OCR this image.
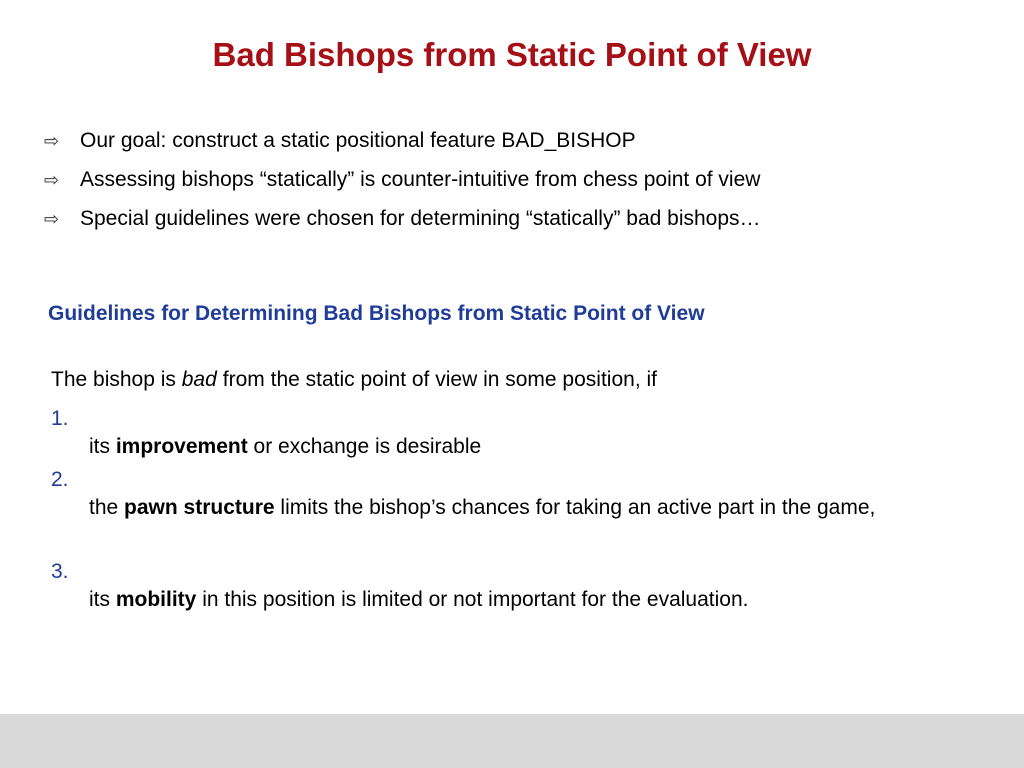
Bad Bishops from Static Point of View
⇨ Our goal: construct a static positional feature BAD_BISHOP
⇨ Assessing bishops “statically” is counter-intuitive from chess point of view
⇨ Special guidelines were chosen for determining “statically” bad bishops…
Guidelines for Determining Bad Bishops from Static Point of View
The bishop is bad from the static point of view in some position, if
1.
its improvement or exchange is desirable
2.
the pawn structure limits the bishop’s chances for taking an active part in the game,
3.
its mobility in this position is limited or not important for the evaluation.
